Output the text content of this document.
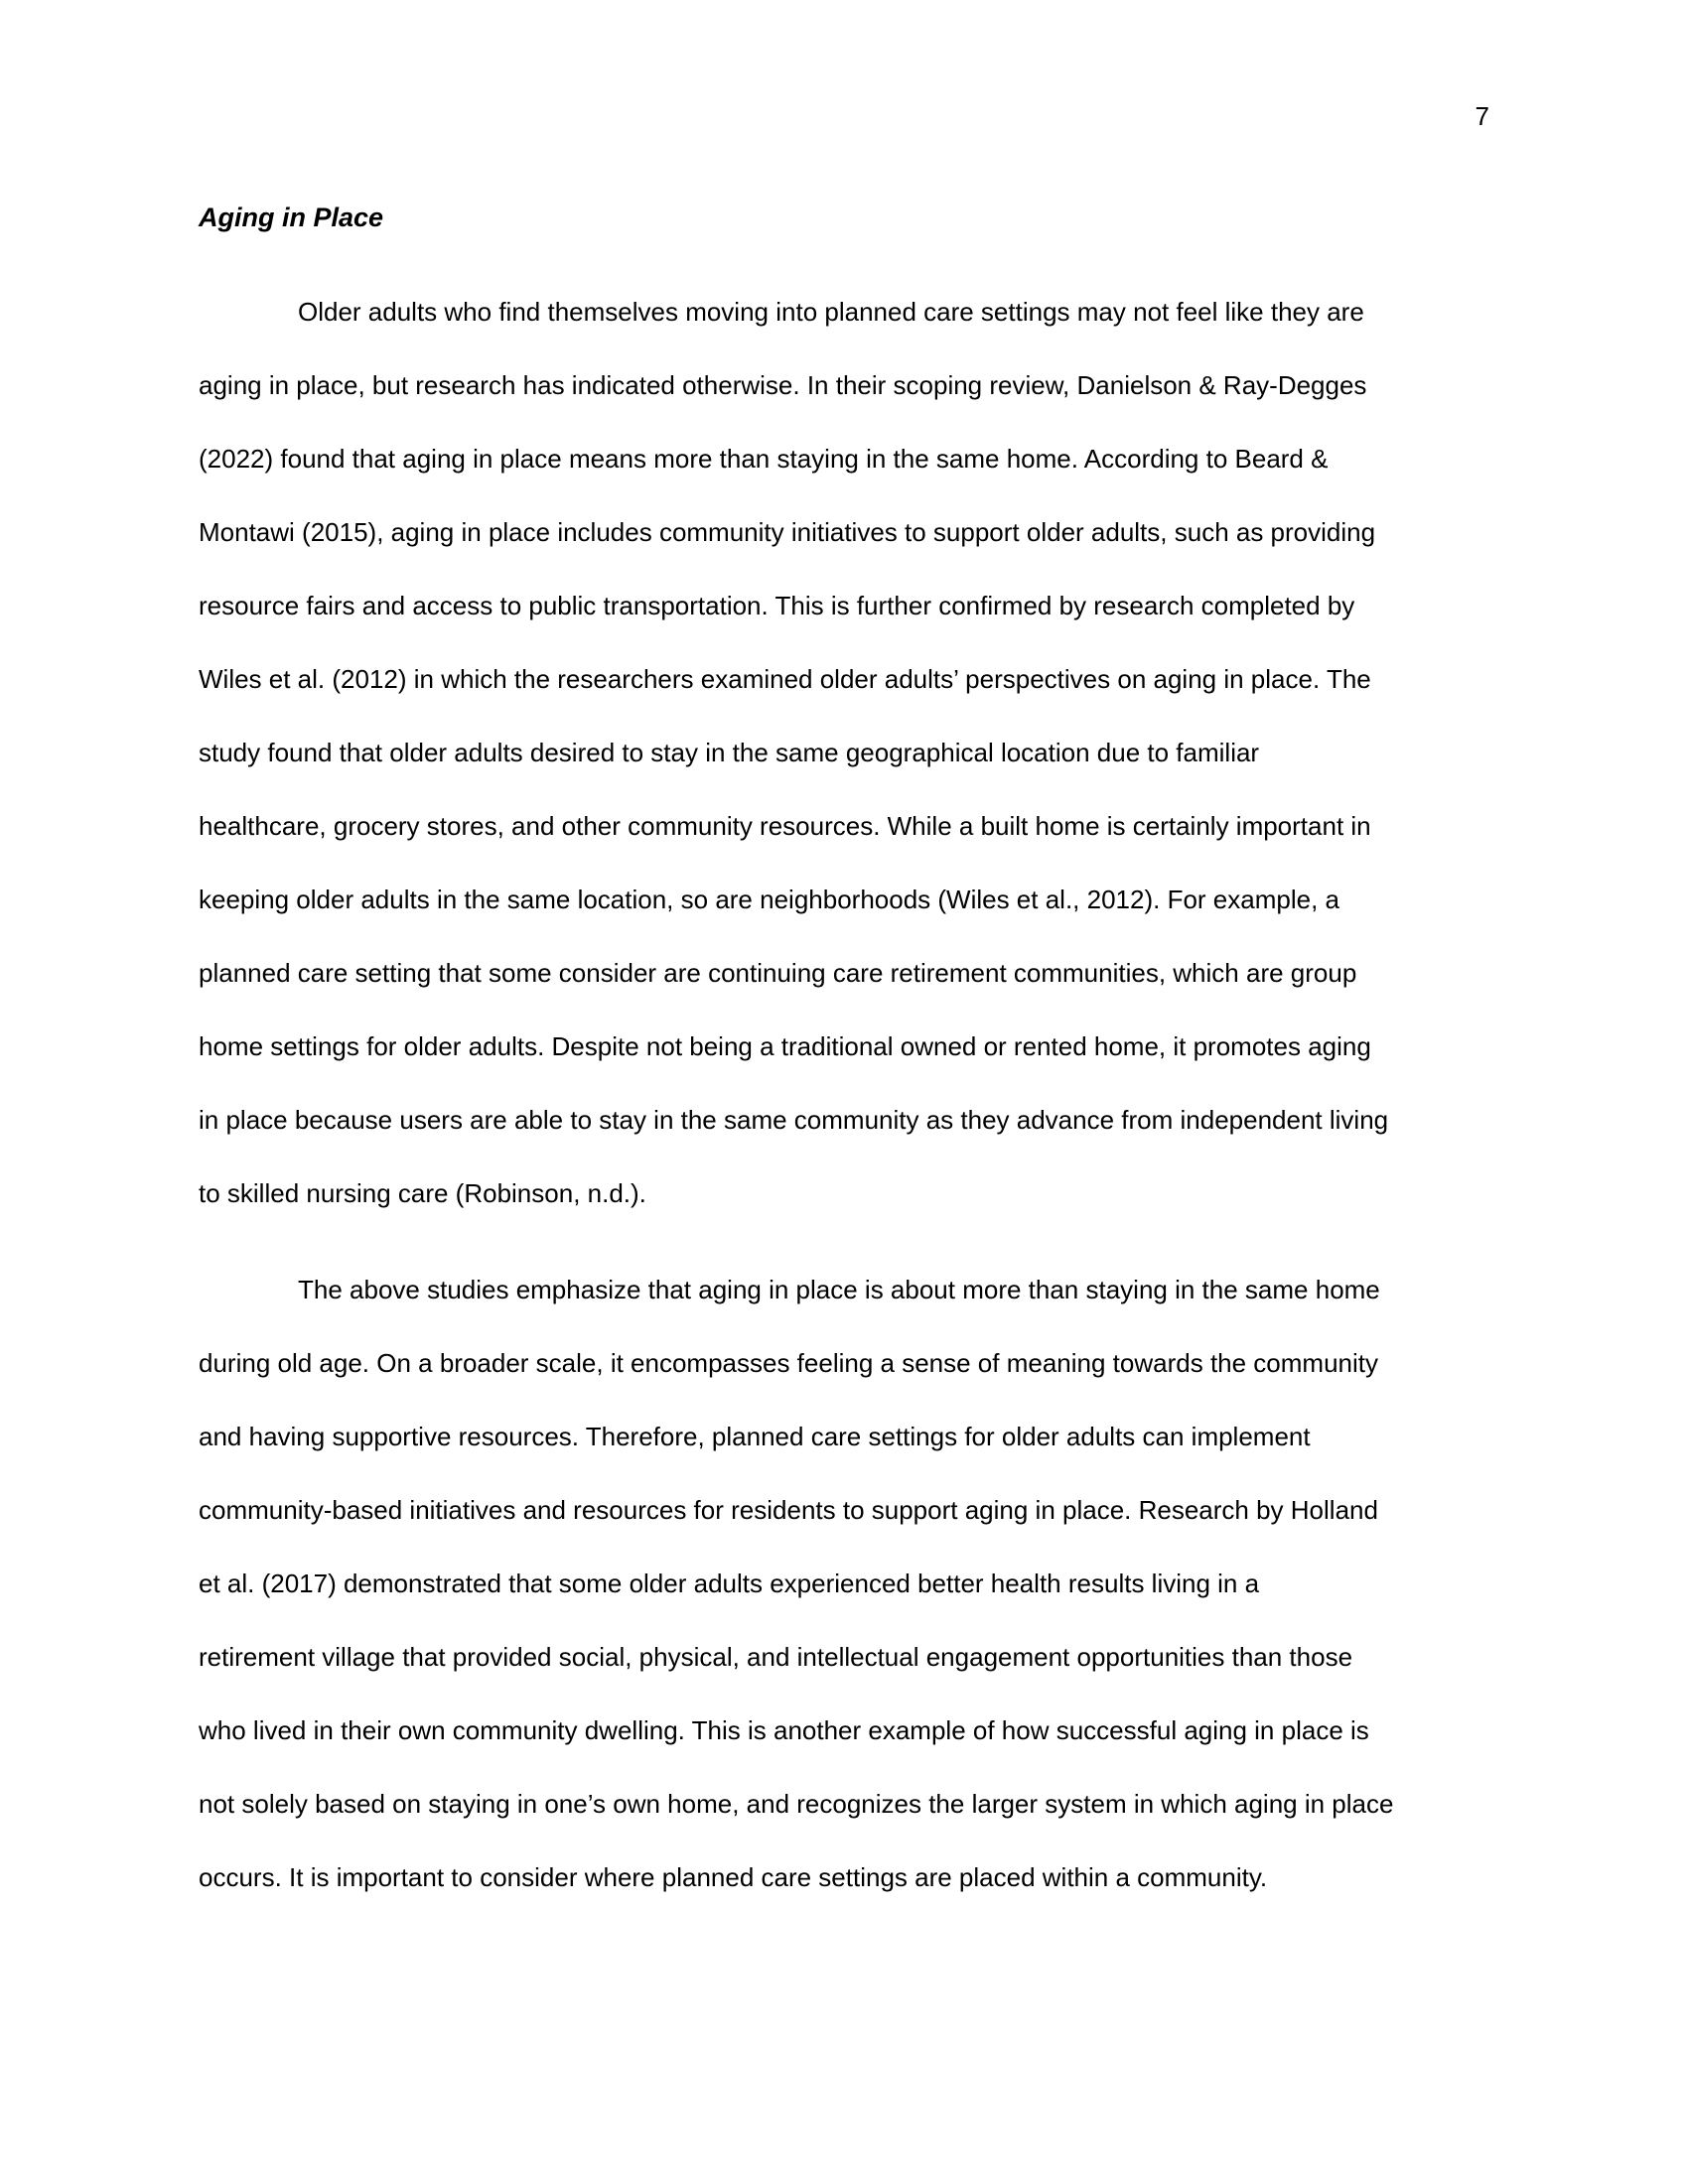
7
Aging in Place

Older adults who find themselves moving into planned care settings may not feel like they are

aging in place, but research has indicated otherwise. In their scoping review, Danielson & Ray-Degges

(2022) found that aging in place means more than staying in the same home. According to Beard &

Montawi (2015), aging in place includes community initiatives to support older adults, such as providing

resource fairs and access to public transportation. This is further confirmed by research completed by

Wiles et al. (2012) in which the researchers examined older adults’ perspectives on aging in place. The

study found that older adults desired to stay in the same geographical location due to familiar

healthcare, grocery stores, and other community resources. While a built home is certainly important in

keeping older adults in the same location, so are neighborhoods (Wiles et al., 2012). For example, a

planned care setting that some consider are continuing care retirement communities, which are group

home settings for older adults. Despite not being a traditional owned or rented home, it promotes aging

in place because users are able to stay in the same community as they advance from independent living

to skilled nursing care (Robinson, n.d.).

The above studies emphasize that aging in place is about more than staying in the same home

during old age. On a broader scale, it encompasses feeling a sense of meaning towards the community

and having supportive resources. Therefore, planned care settings for older adults can implement

community-based initiatives and resources for residents to support aging in place. Research by Holland

et al. (2017) demonstrated that some older adults experienced better health results living in a

retirement village that provided social, physical, and intellectual engagement opportunities than those

who lived in their own community dwelling. This is another example of how successful aging in place is

not solely based on staying in one’s own home, and recognizes the larger system in which aging in place

occurs. It is important to consider where planned care settings are placed within a community.
